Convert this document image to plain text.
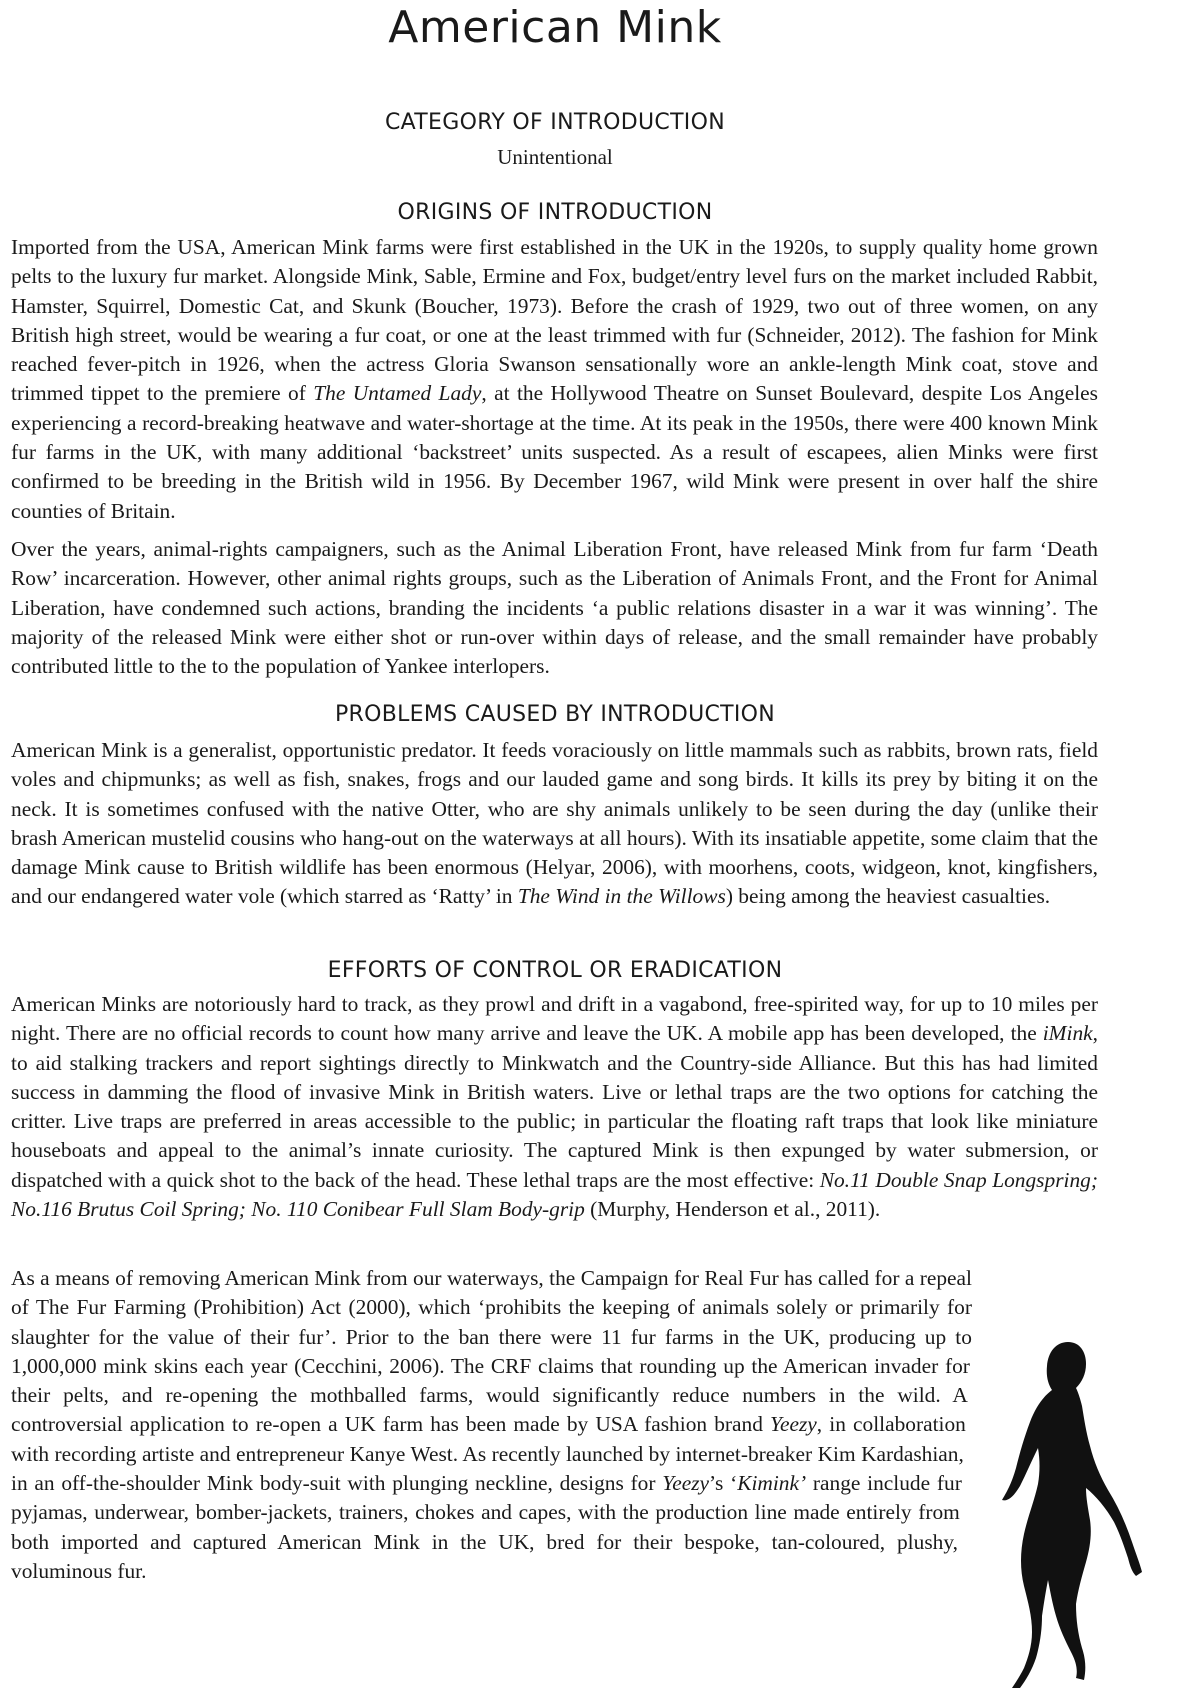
American Mink
CATEGORY OF INTRODUCTION

Unintentional

ORIGINS OF INTRODUCTION

Imported from the USA, American Mink farms were first established in the UK in the 1920s, to supply quality home grown pelts to the luxury fur market. Alongside Mink, Sable, Ermine and Fox, budget/entry level furs on the market included Rabbit, Hamster, Squirrel, Domestic Cat, and Skunk (Boucher, 1973). Before the crash of 1929, two out of three women, on any British high street, would be wearing a fur coat, or one at the least trimmed with fur (Schneider, 2012). The fashion for Mink reached fever-pitch in 1926, when the actress Gloria Swanson sensationally wore an ankle-length Mink coat, stove and trimmed tippet to the premiere of The Untamed Lady, at the Hollywood Theatre on Sunset Boulevard, despite Los Angeles experiencing a record-breaking heatwave and water-shortage at the time. At its peak in the 1950s, there were 400 known Mink fur farms in the UK, with many additional ‘backstreet’ units suspected. As a result of escapees, alien Minks were first confirmed to be breeding in the British wild in 1956. By December 1967, wild Mink were present in over half the shire counties of Britain.

Over the years, animal-rights campaigners, such as the Animal Liberation Front, have released Mink from fur farm ‘Death Row’ incarceration. However, other animal rights groups, such as the Liberation of Animals Front, and the Front for Animal Liberation, have condemned such actions, branding the incidents ‘a public relations disaster in a war it was winning’. The majority of the released Mink were either shot or run-over within days of release, and the small remainder have probably contributed little to the to the population of Yankee interlopers.

PROBLEMS CAUSED BY INTRODUCTION

American Mink is a generalist, opportunistic predator. It feeds voraciously on little mammals such as rabbits, brown rats, field voles and chipmunks; as well as fish, snakes, frogs and our lauded game and song birds. It kills its prey by biting it on the neck. It is sometimes confused with the native Otter, who are shy animals unlikely to be seen during the day (unlike their brash American mustelid cousins who hang-out on the waterways at all hours). With its insatiable appetite, some claim that the damage Mink cause to British wildlife has been enormous (Helyar, 2006), with moorhens, coots, widgeon, knot, kingfishers, and our endangered water vole (which starred as ‘Ratty’ in The Wind in the Willows) being among the heaviest casualties.

EFFORTS OF CONTROL OR ERADICATION

American Minks are notoriously hard to track, as they prowl and drift in a vagabond, free-spirited way, for up to 10 miles per night. There are no official records to count how many arrive and leave the UK. A mobile app has been developed, the iMink, to aid stalking trackers and report sightings directly to Minkwatch and the Country-side Alliance. But this has had limited success in damming the flood of invasive Mink in British waters. Live or lethal traps are the two options for catching the critter. Live traps are preferred in areas accessible to the public; in particular the floating raft traps that look like miniature houseboats and appeal to the animal’s innate curiosity. The captured Mink is then expunged by water submersion, or dispatched with a quick shot to the back of the head. These lethal traps are the most effective: No.11 Double Snap Longspring; No.116 Brutus Coil Spring; No. 110 Conibear Full Slam Body-grip (Murphy, Henderson et al., 2011).

As a means of removing American Mink from our waterways, the Campaign for Real Fur has called for a repeal of The Fur Farming (Prohibition) Act (2000), which ‘prohibits the keeping of animals solely or primarily for slaughter for the value of their fur’. Prior to the ban there were 11 fur farms in the UK, producing up to 1,000,000 mink skins each year (Cecchini, 2006). The CRF claims that rounding up the American invader for their pelts, and re-opening the mothballed farms, would significantly reduce numbers in the wild. A controversial application to re-open a UK farm has been made by USA fashion brand Yeezy, in collaboration with recording artiste and entrepreneur Kanye West. As recently launched by internet-breaker Kim Kardashian, in an off-the-shoulder Mink body-suit with plunging neckline, designs for Yeezy’s ‘Kimink’ range include fur pyjamas, underwear, bomber-jackets, trainers, chokes and capes, with the production line made entirely from both imported and captured American Mink in the UK, bred for their bespoke, tan-coloured, plushy, voluminous fur.
